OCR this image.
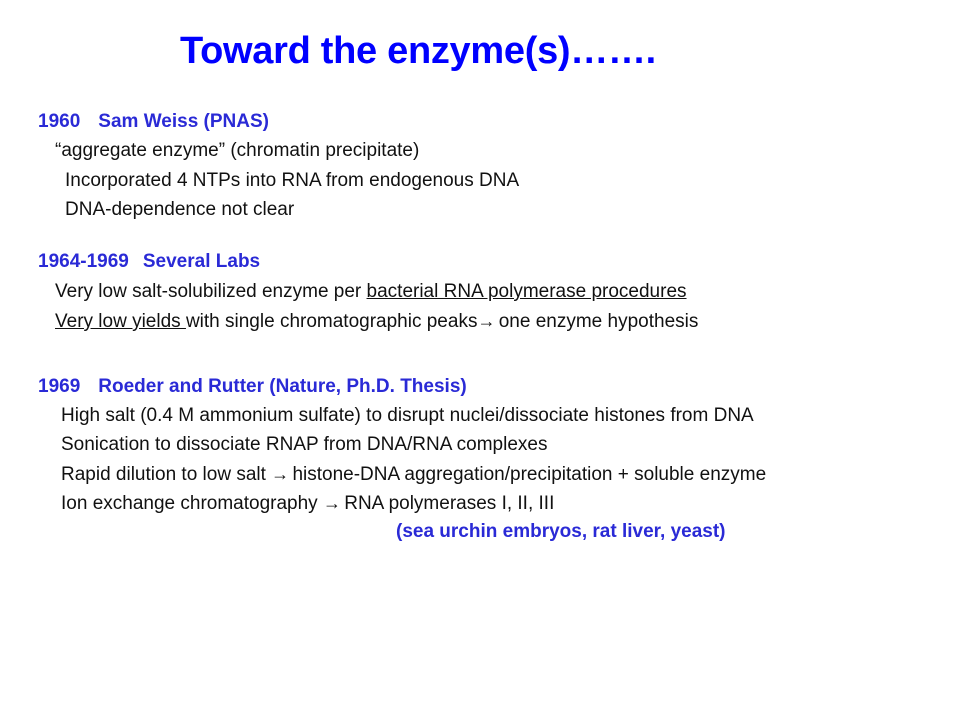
Toward the enzyme(s)…….
1960 Sam Weiss (PNAS)
“aggregate enzyme” (chromatin precipitate)
Incorporated 4 NTPs into RNA from endogenous DNA
DNA-dependence not clear
1964-1969 Several Labs
Very low salt-solubilized enzyme per bacterial RNA polymerase procedures
Very low yields with single chromatographic peaks→ one enzyme hypothesis
1969 Roeder and Rutter (Nature, Ph.D. Thesis)
High salt (0.4 M ammonium sulfate) to disrupt nuclei/dissociate histones from DNA
Sonication to dissociate RNAP from DNA/RNA complexes
Rapid dilution to low salt → histone-DNA aggregation/precipitation + soluble enzyme
Ion exchange chromatography → RNA polymerases I, II, III
(sea urchin embryos, rat liver, yeast)
